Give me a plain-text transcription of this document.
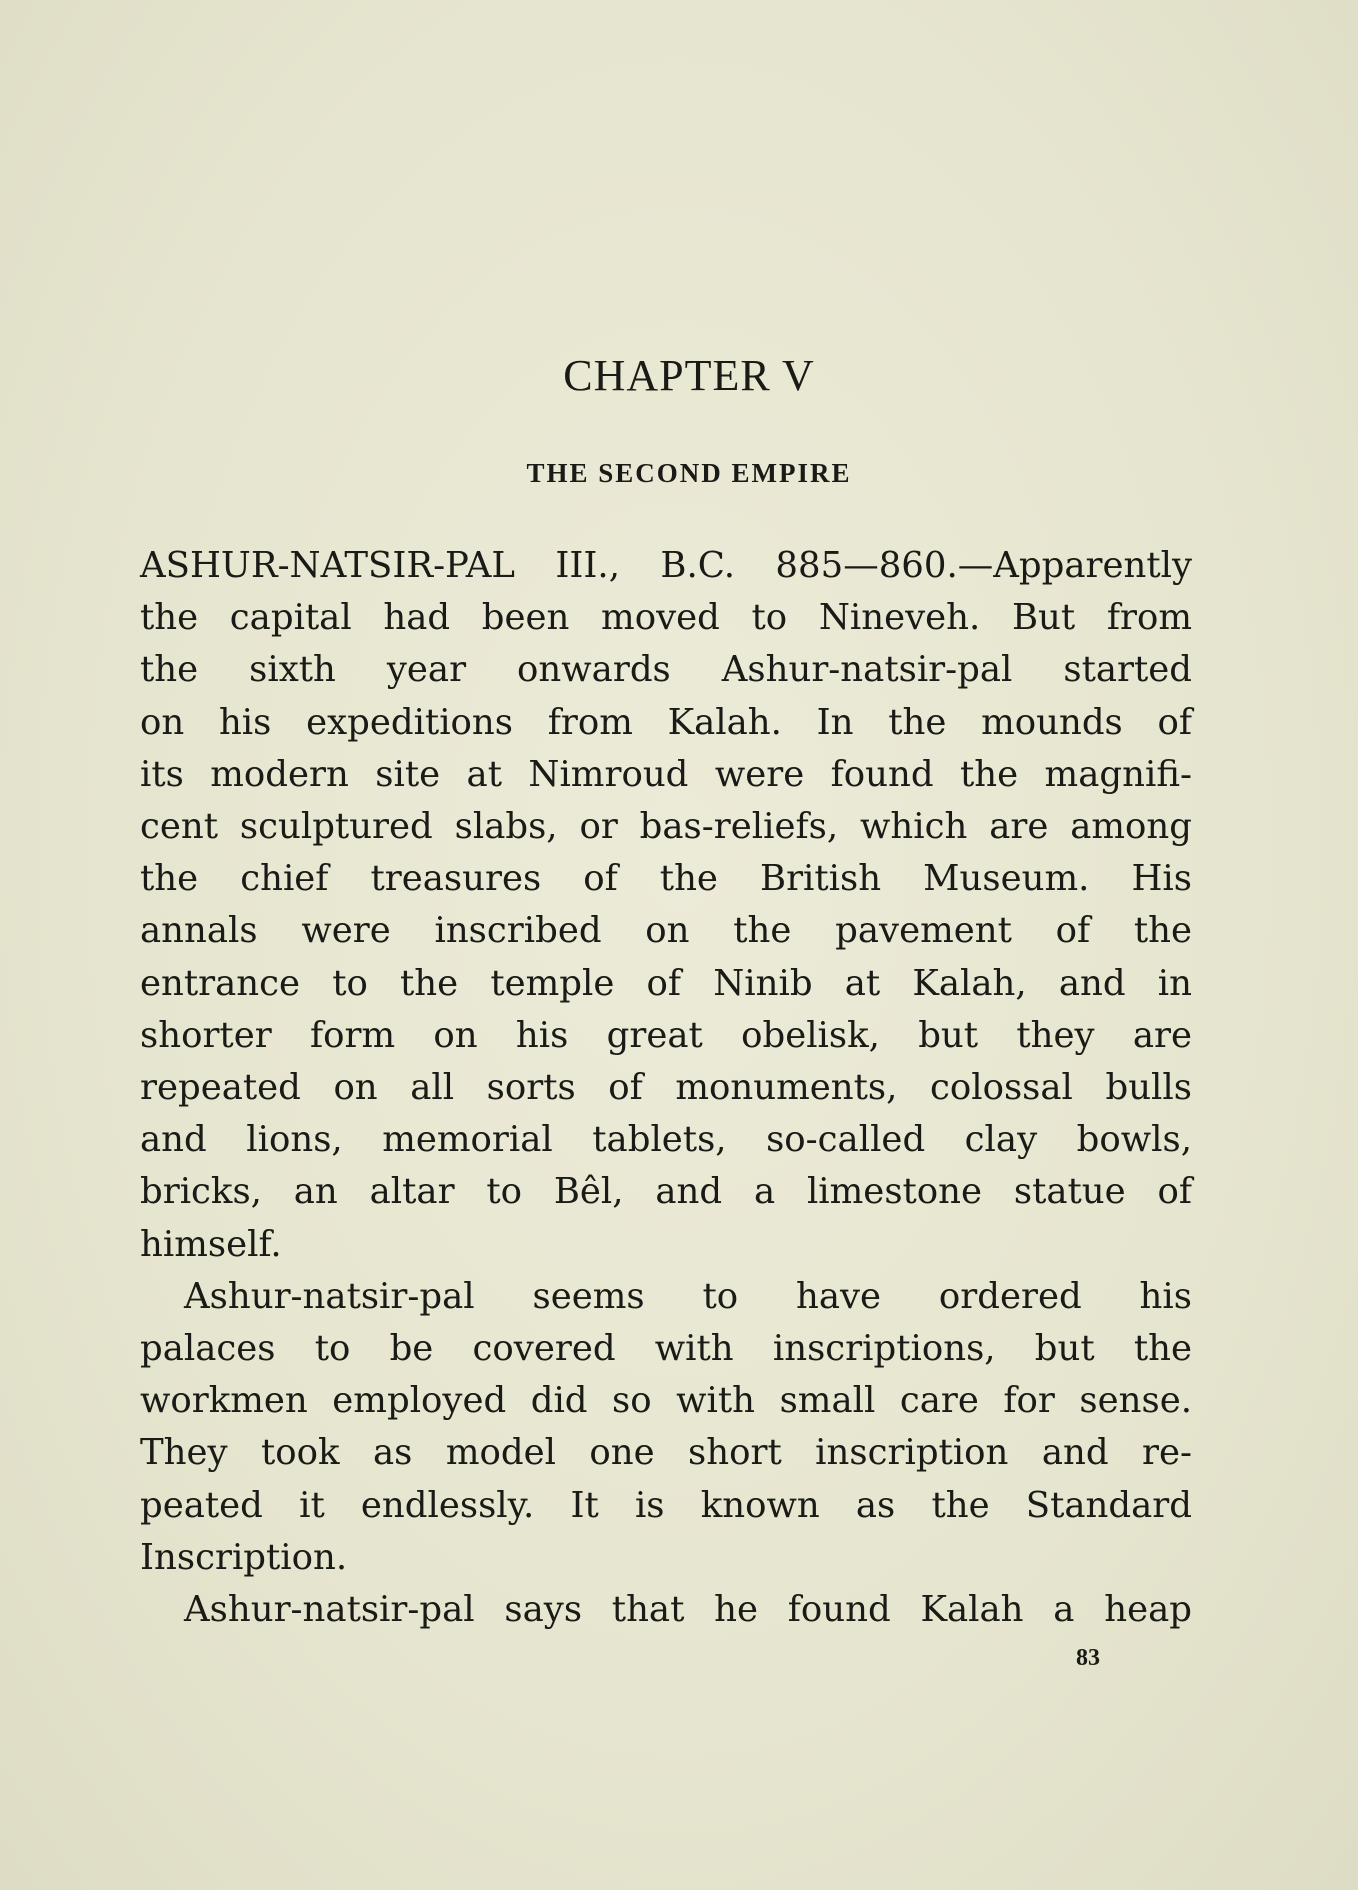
CHAPTER V
THE SECOND EMPIRE
ASHUR-NATSIR-PAL III., B.C. 885—860.—Apparently
the capital had been moved to Nineveh. But from
the sixth year onwards Ashur-natsir-pal started
on his expeditions from Kalah. In the mounds of
its modern site at Nimroud were found the magnifi-
cent sculptured slabs, or bas-reliefs, which are among
the chief treasures of the British Museum. His
annals were inscribed on the pavement of the
entrance to the temple of Ninib at Kalah, and in
shorter form on his great obelisk, but they are
repeated on all sorts of monuments, colossal bulls
and lions, memorial tablets, so-called clay bowls,
bricks, an altar to Bêl, and a limestone statue of
himself.
Ashur-natsir-pal seems to have ordered his
palaces to be covered with inscriptions, but the
workmen employed did so with small care for sense.
They took as model one short inscription and re-
peated it endlessly. It is known as the Standard
Inscription.
Ashur-natsir-pal says that he found Kalah a heap
83
